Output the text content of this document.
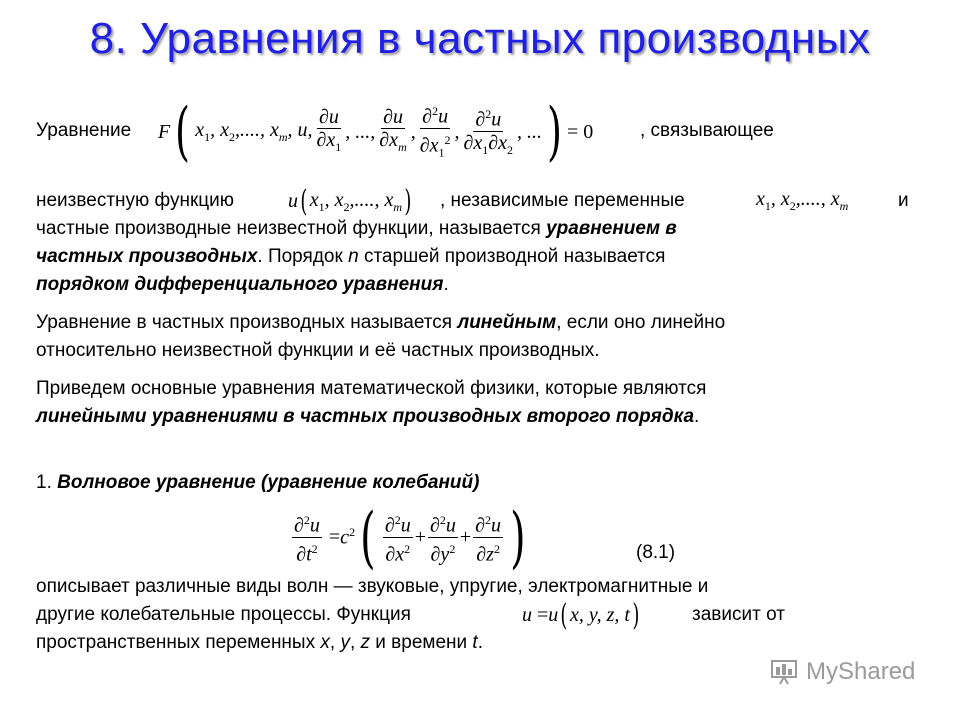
8. Уравнения в частных производных
Уравнение F ( $x_1$, $x_2$,...., $x_m$, u, $\frac{\partial u}{\partial x_1}$ , ..., $\frac{\partial u}{\partial x_m}$ , $\frac{\partial^2u}{\partial x_1^2}$ , $\frac{\partial^2u}{\partial x_1\partial x_2}$ , ... ) = 0 , связывающее
неизвестную функцию	u ( $x_1$, $x_2$,...., $x_m$ ) , независимые переменные	$x_1$, $x_2$,...., $x_m$	и
частные производные неизвестной функции, называется уравнением в
частных производных. Порядок n старшей производной называется
порядком дифференциального уравнения.
Уравнение в частных производных называется линейным, если оно линейно
относительно неизвестной функции и её частных производных.
Приведем основные уравнения математической физики, которые являются
линейными уравнениями в частных производных второго порядка.
1. Волновое уравнение (уравнение колебаний)
$\frac{\partial^2u}{\partial t^2} = c^2$ ( $\frac{\partial^2u}{\partial x^2} + \frac{\partial^2u}{\partial y^2} + \frac{\partial^2u}{\partial z^2}$ )	(8.1)
описывает различные виды волн — звуковые, упругие, электромагнитные и
другие колебательные процессы. Функция	u = u ( x, y, z, t )	зависит от
пространственных переменных x, y, z и времени t.
MyShared
